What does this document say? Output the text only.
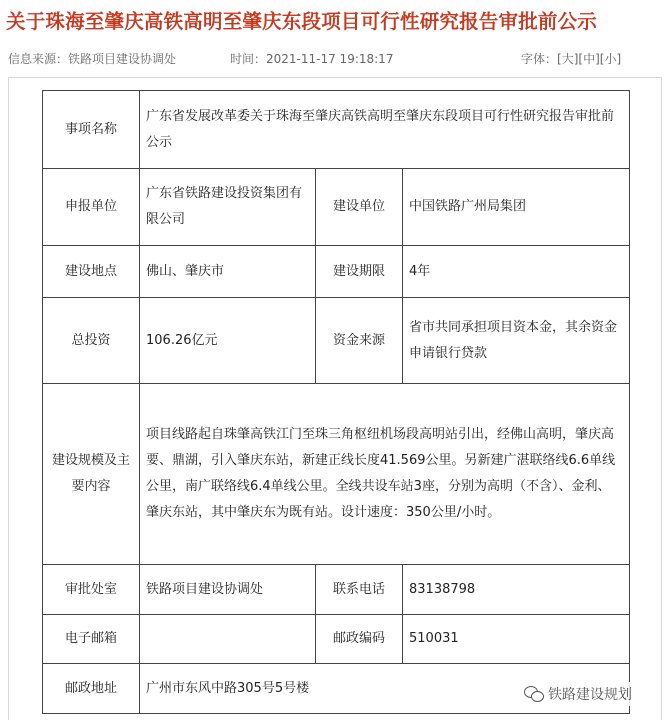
关于珠海至肇庆高铁高明至肇庆东段项目可行性研究报告审批前公示
信息来源：铁路项目建设协调处	时间：2021-11-17 19:18:17	字体：[大][中][小]
事项名称	广东省发展改革委关于珠海至肇庆高铁高明至肇庆东段项目可行性研究报告审批前公示		
申报单位	广东省铁路建设投资集团有限公司	建设单位	中国铁路广州局集团
建设地点	佛山、肇庆市	建设期限	4年
总投资	106.26亿元	资金来源	省市共同承担项目资本金，其余资金申请银行贷款
建设规模及主要内容	项目线路起自珠肇高铁江门至珠三角枢纽机场段高明站引出，经佛山高明，肇庆高要、鼎湖，引入肇庆东站，新建正线长度41.569公里。另新建广湛联络线6.6单线公里，南广联络线6.4单线公里。全线共设车站3座，分别为高明（不含）、金利、肇庆东站，其中肇庆东为既有站。设计速度：350公里/小时。		
审批处室	铁路项目建设协调处	联系电话	83138798
电子邮箱		邮政编码	510031
邮政地址	广州市东风中路305号5号楼			铁路建设规划
